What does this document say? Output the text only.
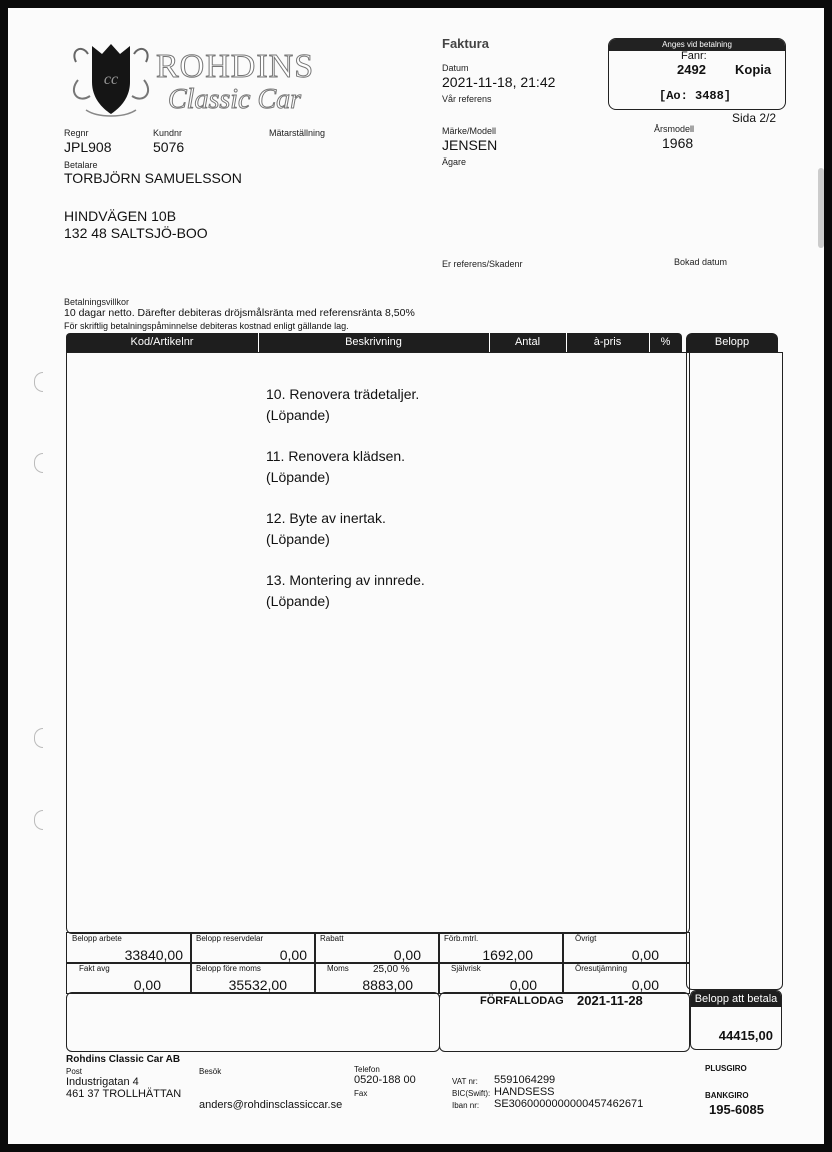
cc ROHDINS
Classic Car
Faktura
Datum
2021-11-18, 21:42
Vår referens
Anges vid betalning
Fanr:
2492 Kopia
[Ao: 3488]
Sida 2/2
Regnr
JPL908
Kundnr
5076
Mätarställning	Märke/Modell
JENSEN
Årsmodell
1968
Ägare
Betalare
TORBJÖRN SAMUELSSON
HINDVÄGEN 10B
132 48 SALTSJÖ-BOO
Er referens/Skadenr	Bokad datum
Betalningsvillkor
10 dagar netto. Därefter debiteras dröjsmålsränta med referensränta 8,50%
För skriftlig betalningspåminnelse debiteras kostnad enligt gällande lag.
Kod/Artikelnr	Beskrivning	Antal	à-pris	%	Belopp
10. Renovera trädetaljer.
(Löpande)
11. Renovera klädsen.
(Löpande)
12. Byte av inertak.
(Löpande)
13. Montering av innrede.
(Löpande)
Belopp arbete
33840,00
Belopp reservdelar
0,00
Rabatt
0,00
Förb.mtrl.
1692,00
Övrigt
0,00
Fakt avg
0,00
Belopp före moms
35532,00
Moms 25,00 %
8883,00
Självrisk
0,00
Öresutjämning
0,00
FÖRFALLODAG 2021-11-28	Belopp att betala
44415,00
Rohdins Classic Car AB
Post
Industrigatan 4
461 37 TROLLHÄTTAN
Besök
anders@rohdinsclassiccar.se
Telefon
0520-188 00
Fax
VAT nr: 5591064299
BIC(Swift): HANDSESS
Iban nr: SE3060000000000457462671
PLUSGIRO
BANKGIRO
195-6085
